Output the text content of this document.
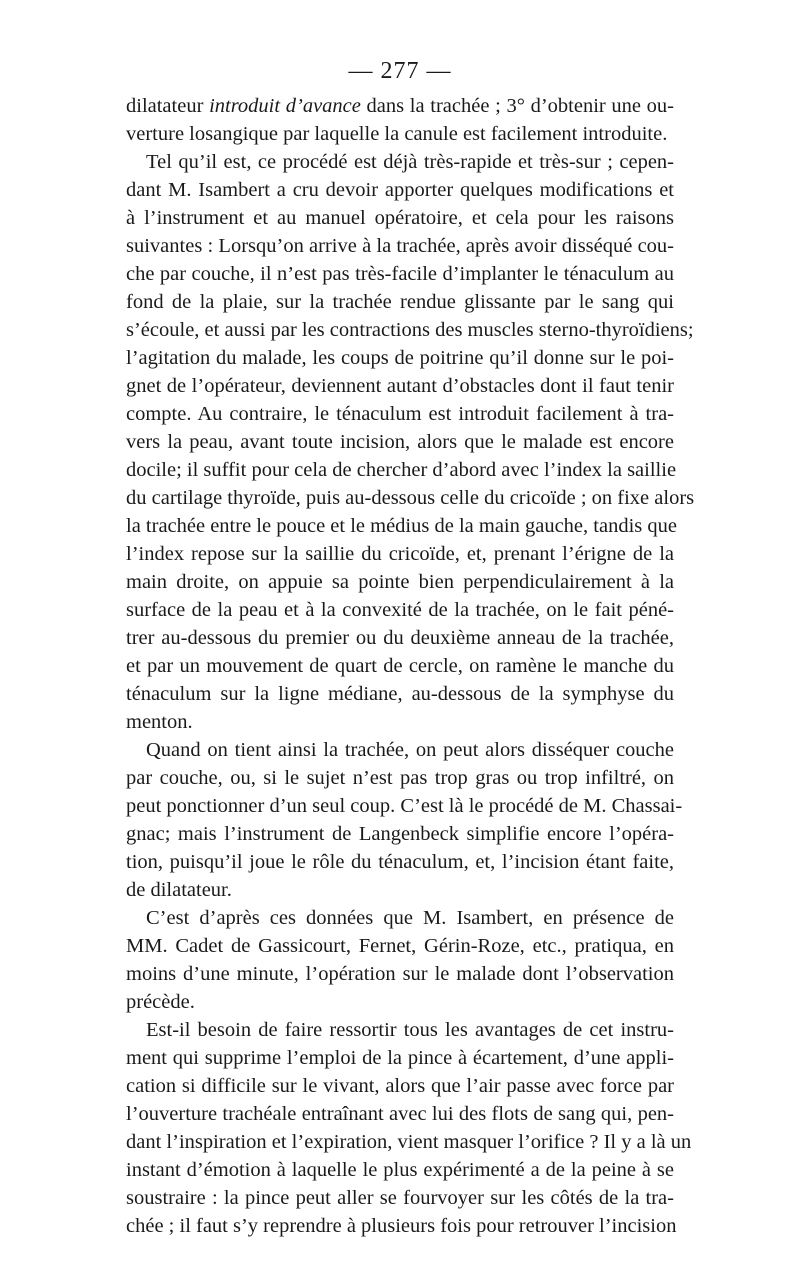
— 277 —
dilatateur introduit d’avance dans la trachée ; 3° d’obtenir une ou-
verture losangique par laquelle la canule est facilement introduite.
Tel qu’il est, ce procédé est déjà très-rapide et très-sur ; cepen-
dant M. Isambert a cru devoir apporter quelques modifications et
à l’instrument et au manuel opératoire, et cela pour les raisons
suivantes : Lorsqu’on arrive à la trachée, après avoir disséqué cou-
che par couche, il n’est pas très-facile d’implanter le ténaculum au
fond de la plaie, sur la trachée rendue glissante par le sang qui
s’écoule, et aussi par les contractions des muscles sterno-thyroïdiens;
l’agitation du malade, les coups de poitrine qu’il donne sur le poi-
gnet de l’opérateur, deviennent autant d’obstacles dont il faut tenir
compte. Au contraire, le ténaculum est introduit facilement à tra-
vers la peau, avant toute incision, alors que le malade est encore
docile; il suffit pour cela de chercher d’abord avec l’index la saillie
du cartilage thyroïde, puis au-dessous celle du cricoïde ; on fixe alors
la trachée entre le pouce et le médius de la main gauche, tandis que
l’index repose sur la saillie du cricoïde, et, prenant l’érigne de la
main droite, on appuie sa pointe bien perpendiculairement à la
surface de la peau et à la convexité de la trachée, on le fait péné-
trer au-dessous du premier ou du deuxième anneau de la trachée,
et par un mouvement de quart de cercle, on ramène le manche du
ténaculum sur la ligne médiane, au-dessous de la symphyse du
menton.
Quand on tient ainsi la trachée, on peut alors disséquer couche
par couche, ou, si le sujet n’est pas trop gras ou trop infiltré, on
peut ponctionner d’un seul coup. C’est là le procédé de M. Chassai-
gnac; mais l’instrument de Langenbeck simplifie encore l’opéra-
tion, puisqu’il joue le rôle du ténaculum, et, l’incision étant faite,
de dilatateur.
C’est d’après ces données que M. Isambert, en présence de
MM. Cadet de Gassicourt, Fernet, Gérin-Roze, etc., pratiqua, en
moins d’une minute, l’opération sur le malade dont l’observation
précède.
Est-il besoin de faire ressortir tous les avantages de cet instru-
ment qui supprime l’emploi de la pince à écartement, d’une appli-
cation si difficile sur le vivant, alors que l’air passe avec force par
l’ouverture trachéale entraînant avec lui des flots de sang qui, pen-
dant l’inspiration et l’expiration, vient masquer l’orifice ? Il y a là un
instant d’émotion à laquelle le plus expérimenté a de la peine à se
soustraire : la pince peut aller se fourvoyer sur les côtés de la tra-
chée ; il faut s’y reprendre à plusieurs fois pour retrouver l’incision
